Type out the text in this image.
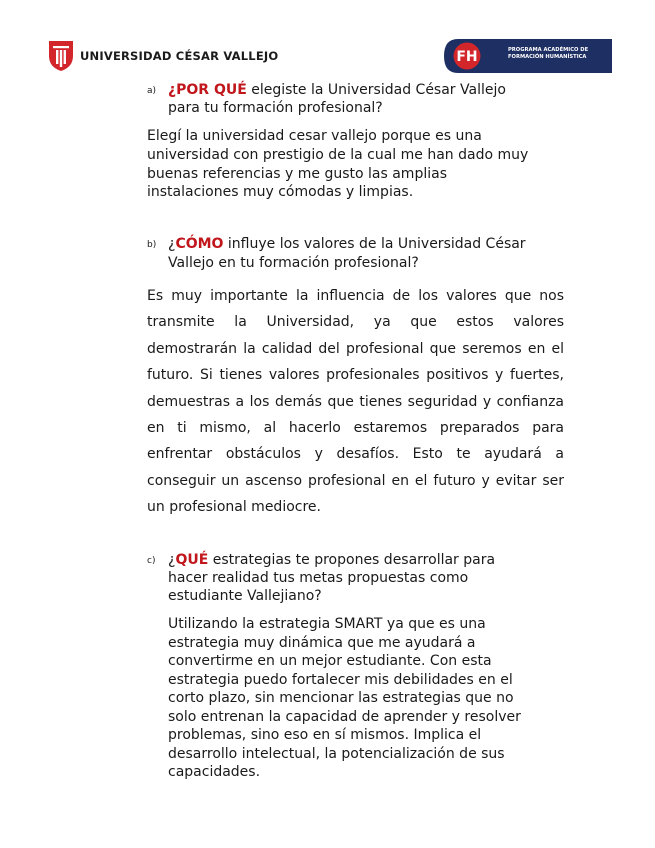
UNIVERSIDAD CÉSAR VALLEJO	FH	PROGRAMA ACADÉMICO DE
FORMACIÓN HUMANÍSTICA
a) ¿POR QUÉ elegiste la Universidad César Vallejo
para tu formación profesional?
Elegí la universidad cesar vallejo porque es una
universidad con prestigio de la cual me han dado muy
buenas referencias y me gusto las amplias
instalaciones muy cómodas y limpias.
b) ¿CÓMO influye los valores de la Universidad César
Vallejo en tu formación profesional?
Es muy importante la influencia de los valores que nos transmite la Universidad, ya que estos valores demostrarán la calidad del profesional que seremos en el futuro. Si tienes valores profesionales positivos y fuertes, demuestras a los demás que tienes seguridad y confianza en ti mismo, al hacerlo estaremos preparados para enfrentar obstáculos y desafíos. Esto te ayudará a conseguir un ascenso profesional en el futuro y evitar ser un profesional mediocre.
c) ¿QUÉ estrategias te propones desarrollar para
hacer realidad tus metas propuestas como
estudiante Vallejiano?
Utilizando la estrategia SMART ya que es una
estrategia muy dinámica que me ayudará a
convertirme en un mejor estudiante. Con esta
estrategia puedo fortalecer mis debilidades en el
corto plazo, sin mencionar las estrategias que no
solo entrenan la capacidad de aprender y resolver
problemas, sino eso en sí mismos. Implica el
desarrollo intelectual, la potencialización de sus
capacidades.
